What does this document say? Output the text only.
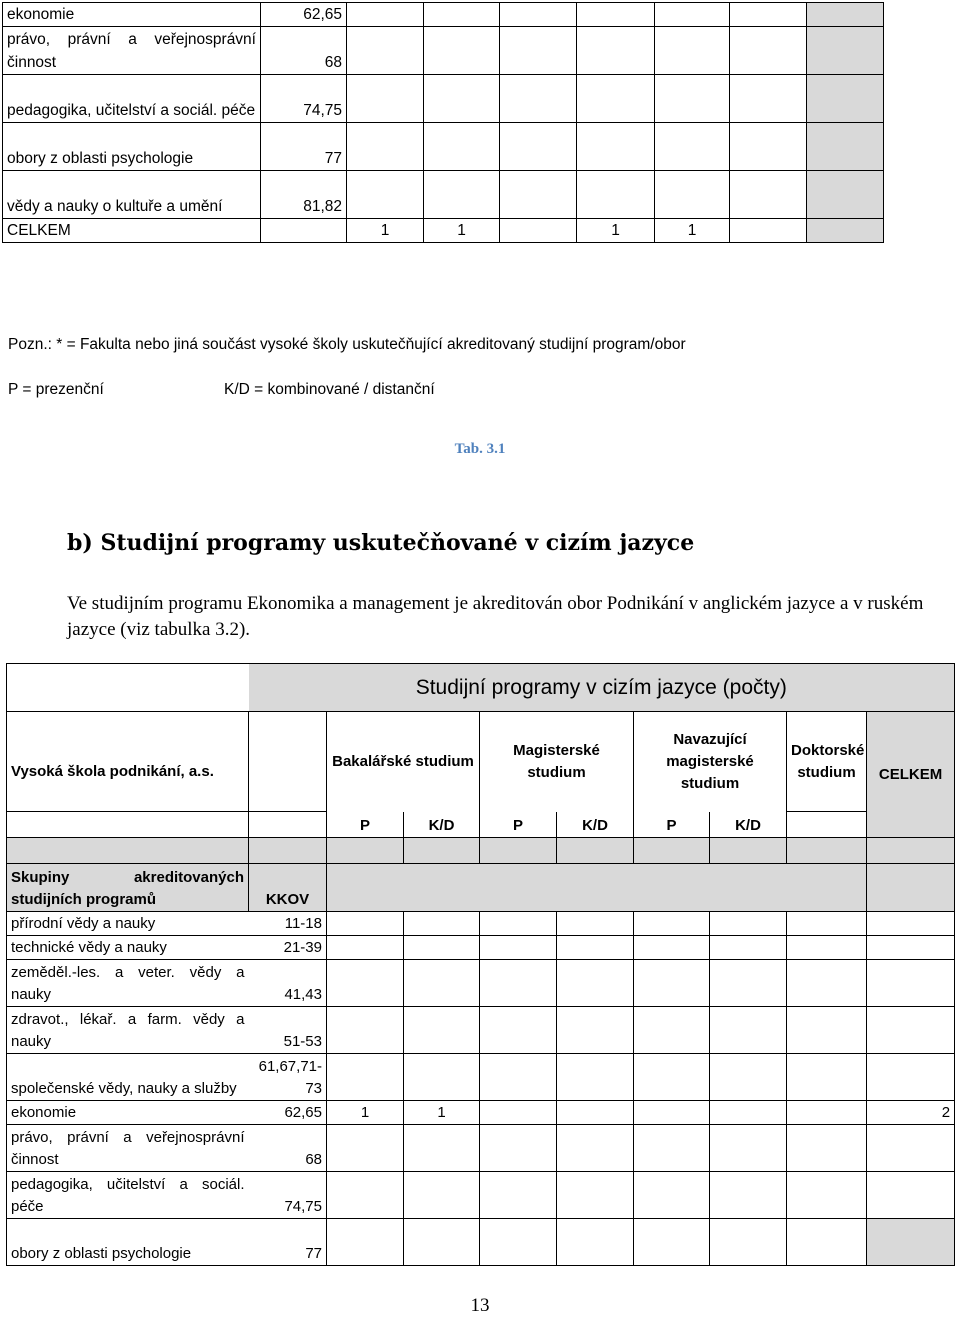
ekonomie	62,65							
právo, právní a veřejnosprávní činnost	68							
pedagogika, učitelství a sociál. péče	74,75							
obory z oblasti psychologie	77							
vědy a nauky o kultuře a umění	81,82							
CELKEM		1	1		1	1		
Pozn.: * = Fakulta nebo jiná součást vysoké školy uskutečňující akreditovaný studijní program/obor
P = prezenční	K/D = kombinované / distanční
Tab. 3.1
b) Studijní programy uskutečňované v cizím jazyce
Ve studijním programu Ekonomika a management je akreditován obor Podnikání v anglickém jazyce a v ruském jazyce (viz tabulka 3.2).
	Studijní programy v cizím jazyce (počty)								
Vysoká škola podnikání, a.s.		Bakalářské studium		Magisterské studium		Navazující magisterské studium		Doktorské studium	CELKEM
		P	K/D	P	K/D	P	K/D		

Skupiny akreditovaných studijních programů	KKOV								
přírodní vědy a nauky	11-18								
technické vědy a nauky	21-39								
zeměděl.-les. a veter. vědy a nauky	41,43								
zdravot., lékař. a farm. vědy a nauky	51-53								
společenské vědy, nauky a služby	61,67,71-73								
ekonomie	62,65	1	1						2
právo, právní a veřejnosprávní činnost	68								
pedagogika, učitelství a sociál. péče	74,75								
obory z oblasti psychologie	77								
13
